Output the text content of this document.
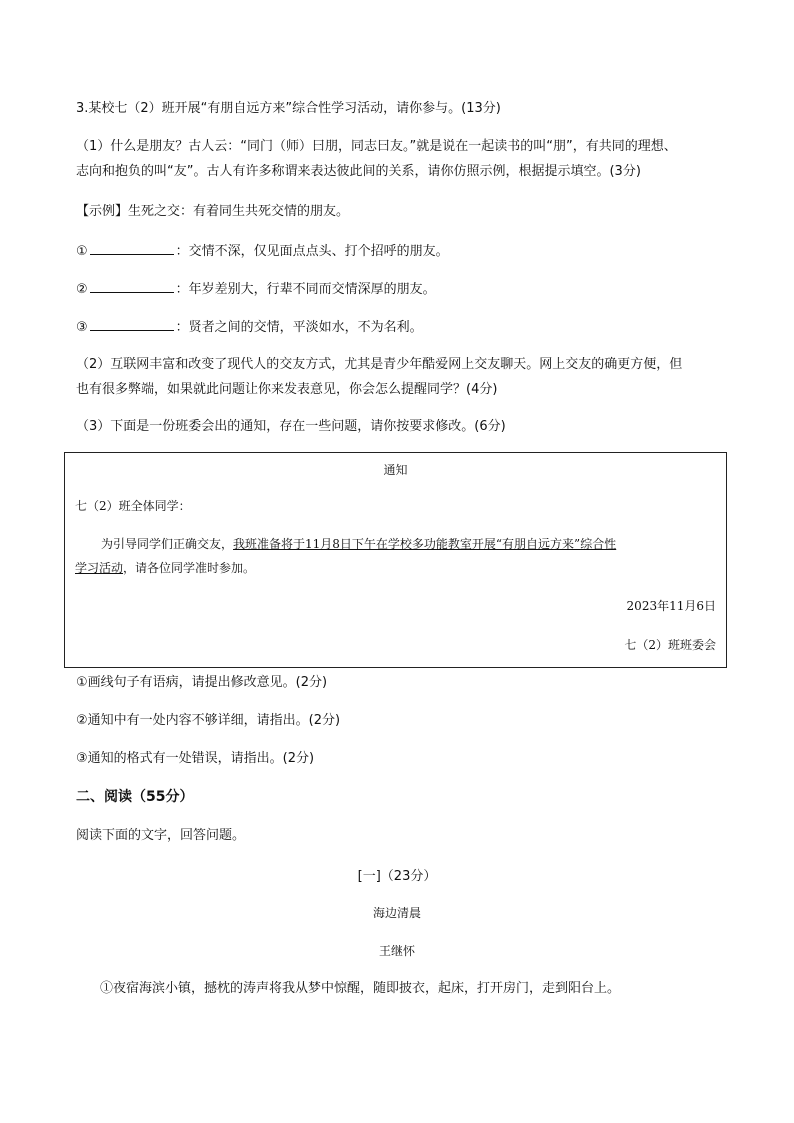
3.某校七（2）班开展“有朋自远方来”综合性学习活动，请你参与。(13分)
（1）什么是朋友？古人云：“同门（师）曰朋，同志曰友。”就是说在一起读书的叫“朋”，有共同的理想、
志向和抱负的叫“友”。古人有许多称谓来表达彼此间的关系，请你仿照示例，根据提示填空。(3分)
【示例】生死之交：有着同生共死交情的朋友。
①	：交情不深，仅见面点点头、打个招呼的朋友。
②	：年岁差别大，行辈不同而交情深厚的朋友。
③	：贤者之间的交情，平淡如水，不为名利。
（2）互联网丰富和改变了现代人的交友方式，尤其是青少年酷爱网上交友聊天。网上交友的确更方便，但
也有很多弊端，如果就此问题让你来发表意见，你会怎么提醒同学？(4分)
（3）下面是一份班委会出的通知，存在一些问题，请你按要求修改。(6分)
通知
七（2）班全体同学：
为引导同学们正确交友，我班准备将于11月8日下午在学校多功能教室开展“有朋自远方来”综合性
学习活动，请各位同学准时参加。
2023年11月6日
七（2）班班委会
①画线句子有语病，请提出修改意见。(2分)
②通知中有一处内容不够详细，请指出。(2分)
③通知的格式有一处错误，请指出。(2分)
二、阅读（55分）
阅读下面的文字，回答问题。
[一]（23分）
海边清晨
王继怀
①夜宿海滨小镇，撼枕的涛声将我从梦中惊醒，随即披衣，起床，打开房门，走到阳台上。
